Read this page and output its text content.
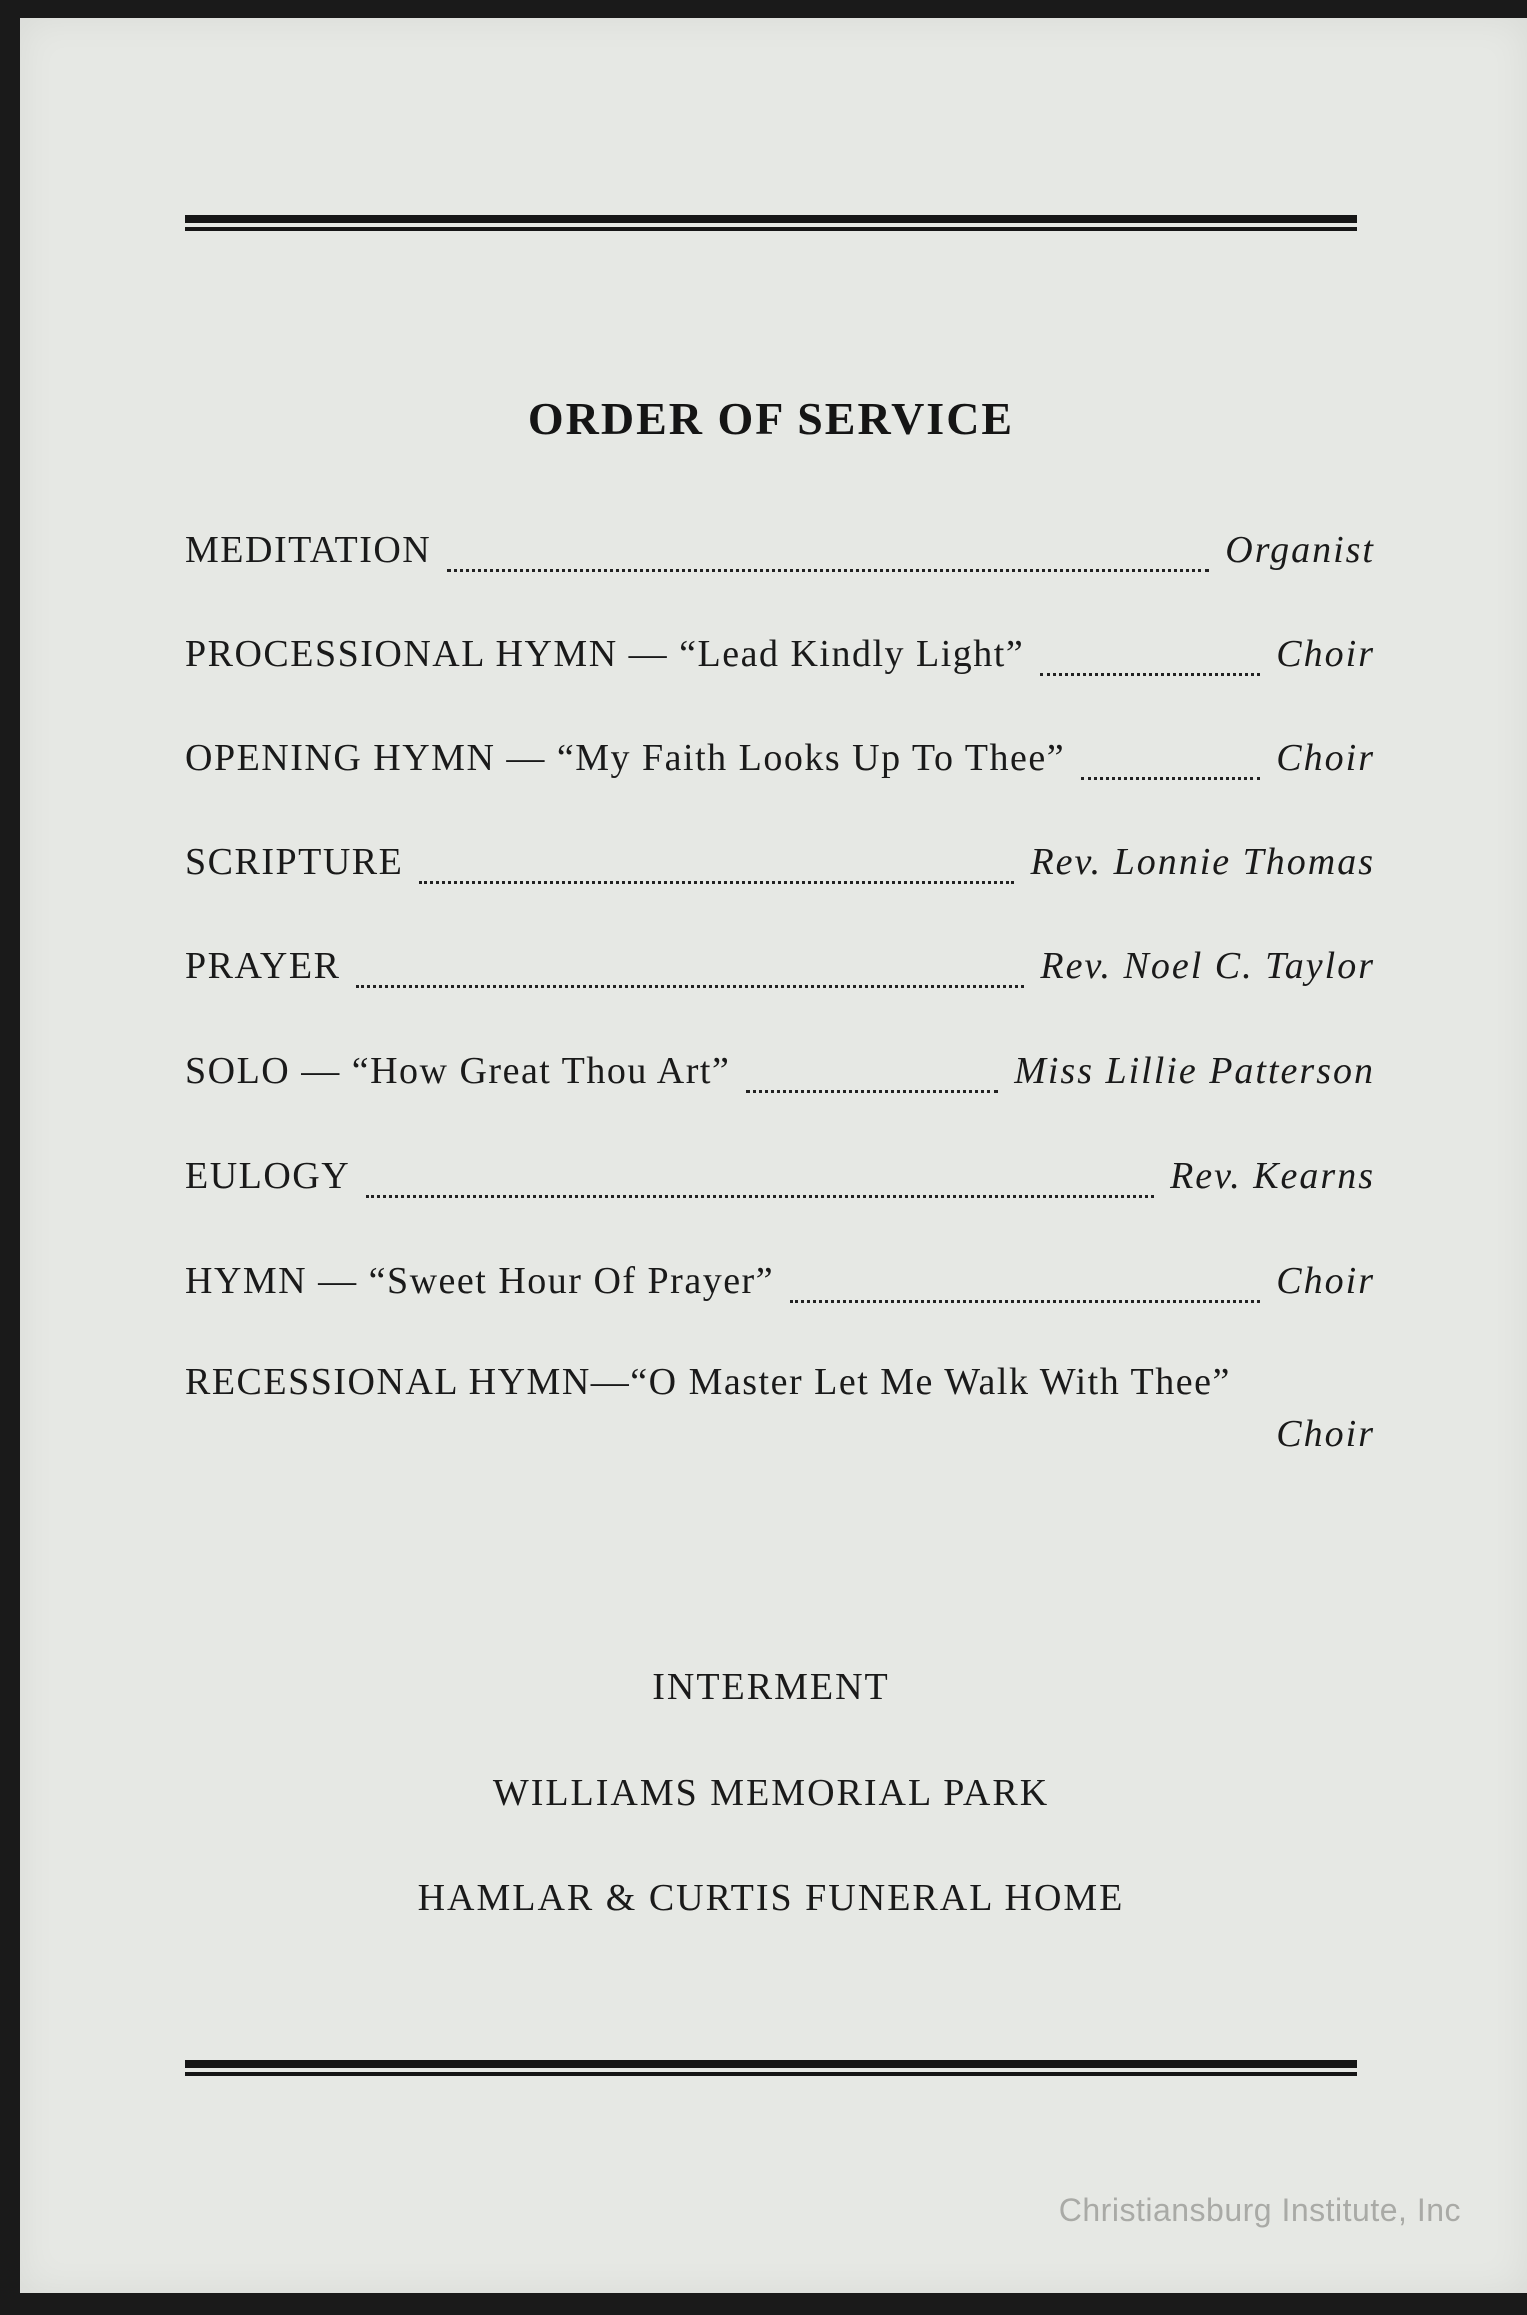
ORDER OF SERVICE
MEDITATION	Organist
PROCESSIONAL HYMN — “Lead Kindly Light”	Choir
OPENING HYMN — “My Faith Looks Up To Thee”	Choir
SCRIPTURE	Rev. Lonnie Thomas
PRAYER	Rev. Noel C. Taylor
SOLO — “How Great Thou Art”	Miss Lillie Patterson
EULOGY	Rev. Kearns
HYMN — “Sweet Hour Of Prayer”	Choir
RECESSIONAL HYMN—“O Master Let Me Walk With Thee”
Choir
INTERMENT
WILLIAMS MEMORIAL PARK
HAMLAR & CURTIS FUNERAL HOME
Christiansburg Institute, Inc
